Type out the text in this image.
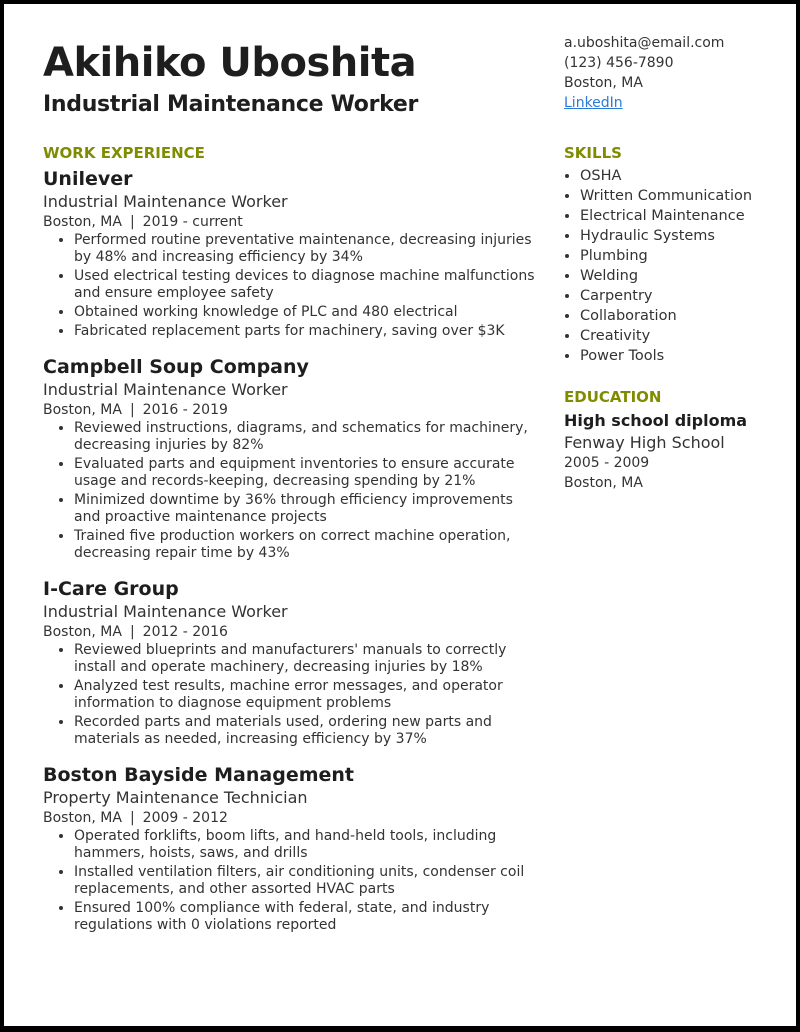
Akihiko Uboshita
Industrial Maintenance Worker
a.uboshita@email.com
(123) 456-7890
Boston, MA
LinkedIn
WORK EXPERIENCE
Unilever
Industrial Maintenance Worker
Boston, MA | 2019 - current
• Performed routine preventative maintenance, decreasing injuries by 48% and increasing efficiency by 34%
• Used electrical testing devices to diagnose machine malfunctions and ensure employee safety
• Obtained working knowledge of PLC and 480 electrical
• Fabricated replacement parts for machinery, saving over $3K
Campbell Soup Company
Industrial Maintenance Worker
Boston, MA | 2016 - 2019
• Reviewed instructions, diagrams, and schematics for machinery, decreasing injuries by 82%
• Evaluated parts and equipment inventories to ensure accurate usage and records-keeping, decreasing spending by 21%
• Minimized downtime by 36% through efficiency improvements and proactive maintenance projects
• Trained five production workers on correct machine operation, decreasing repair time by 43%
I-Care Group
Industrial Maintenance Worker
Boston, MA | 2012 - 2016
• Reviewed blueprints and manufacturers' manuals to correctly install and operate machinery, decreasing injuries by 18%
• Analyzed test results, machine error messages, and operator information to diagnose equipment problems
• Recorded parts and materials used, ordering new parts and materials as needed, increasing efficiency by 37%
Boston Bayside Management
Property Maintenance Technician
Boston, MA | 2009 - 2012
• Operated forklifts, boom lifts, and hand-held tools, including hammers, hoists, saws, and drills
• Installed ventilation filters, air conditioning units, condenser coil replacements, and other assorted HVAC parts
• Ensured 100% compliance with federal, state, and industry regulations with 0 violations reported
SKILLS
• OSHA
• Written Communication
• Electrical Maintenance
• Hydraulic Systems
• Plumbing
• Welding
• Carpentry
• Collaboration
• Creativity
• Power Tools
EDUCATION
High school diploma
Fenway High School
2005 - 2009
Boston, MA
